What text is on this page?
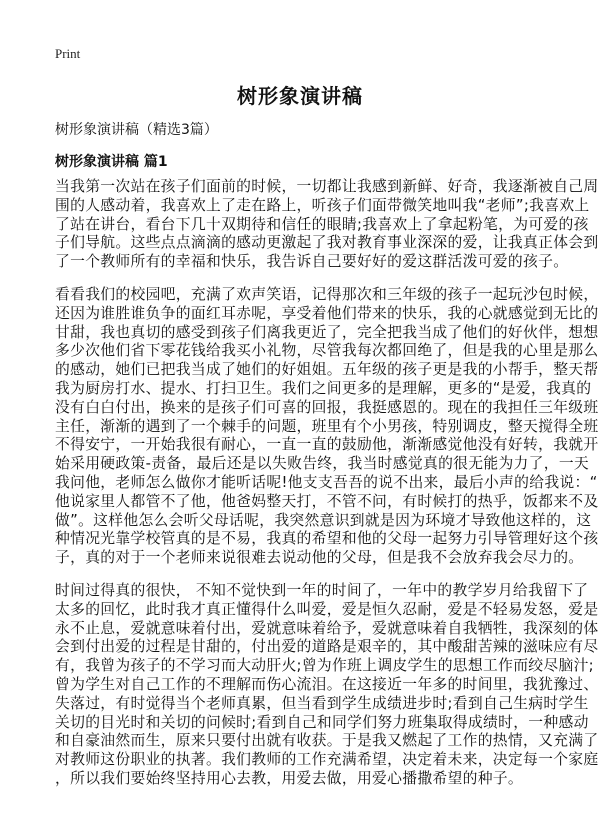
Print
树形象演讲稿
树形象演讲稿（精选3篇）
树形象演讲稿 篇1
当我第一次站在孩子们面前的时候，一切都让我感到新鲜、好奇，我逐渐被自己周
围的人感动着，我喜欢上了走在路上，听孩子们面带微笑地叫我“老师”;我喜欢上
了站在讲台，看台下几十双期待和信任的眼睛;我喜欢上了拿起粉笔，为可爱的孩
子们导航。这些点点滴滴的感动更激起了我对教育事业深深的爱，让我真正体会到
了一个教师所有的幸福和快乐，我告诉自己要好好的爱这群活泼可爱的孩子。
看看我们的校园吧，充满了欢声笑语，记得那次和三年级的孩子一起玩沙包时候，
还因为谁胜谁负争的面红耳赤呢，享受着他们带来的快乐，我的心就感觉到无比的
甘甜，我也真切的感受到孩子们离我更近了，完全把我当成了他们的好伙伴，想想
多少次他们省下零花钱给我买小礼物，尽管我每次都回绝了，但是我的心里是那么
的感动，她们已把我当成了她们的好姐姐。五年级的孩子更是我的小帮手，整天帮
我为厨房打水、提水、打扫卫生。我们之间更多的是理解，更多的“是爱，我真的
没有白白付出，换来的是孩子们可喜的回报，我挺感恩的。现在的我担任三年级班
主任，渐渐的遇到了一个棘手的问题，班里有个小男孩，特别调皮，整天搅得全班
不得安宁，一开始我很有耐心，一直一直的鼓励他，渐渐感觉他没有好转，我就开
始采用硬政策-责备，最后还是以失败告终，我当时感觉真的很无能为力了，一天
我问他，老师怎么做你才能听话呢!他支支吾吾的说不出来，最后小声的给我说：“
他说家里人都管不了他，他爸妈整天打，不管不问，有时候打的热乎，饭都来不及
做”。这样他怎么会听父母话呢，我突然意识到就是因为环境才导致他这样的，这
种情况光靠学校管真的是不易，我真的希望和他的父母一起努力引导管理好这个孩
子，真的对于一个老师来说很难去说动他的父母，但是我不会放弃我会尽力的。
时间过得真的很快， 不知不觉快到一年的时间了，一年中的教学岁月给我留下了
太多的回忆，此时我才真正懂得什么叫爱，爱是恒久忍耐，爱是不轻易发怒，爱是
永不止息，爱就意味着付出，爱就意味着给予，爱就意味着自我牺牲，我深刻的体
会到付出爱的过程是甘甜的，付出爱的道路是艰辛的，其中酸甜苦辣的滋味应有尽
有，我曾为孩子的不学习而大动肝火;曾为作班上调皮学生的思想工作而绞尽脑汁;
曾为学生对自己工作的不理解而伤心流泪。在这接近一年多的时间里，我犹豫过、
失落过，有时觉得当个老师真累，但当看到学生成绩进步时;看到自己生病时学生
关切的目光时和关切的问候时;看到自己和同学们努力班集取得成绩时，一种感动
和自豪油然而生，原来只要付出就有收获。于是我又燃起了工作的热情，又充满了
对教师这份职业的执著。我们教师的工作充满希望，决定着未来，决定每一个家庭
，所以我们要始终坚持用心去教，用爱去做，用爱心播撒希望的种子。
